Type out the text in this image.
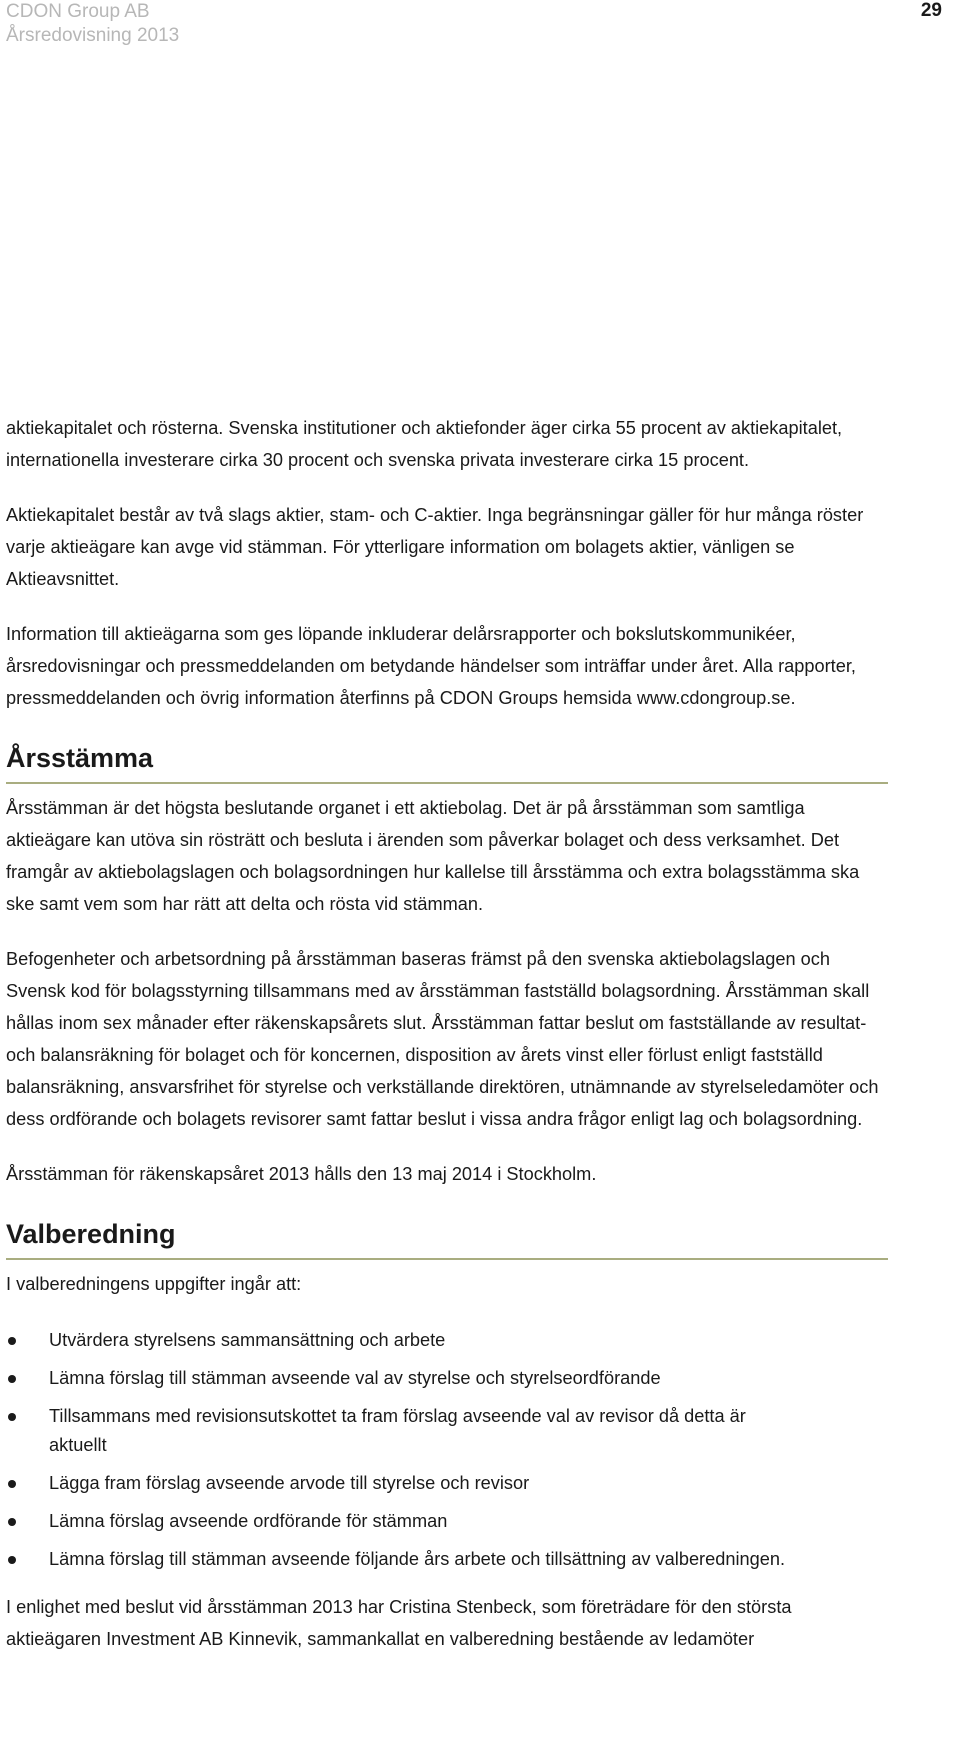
CDON Group AB
Årsredovisning 2013
29

aktiekapitalet och rösterna. Svenska institutioner och aktiefonder äger cirka 55 procent av aktiekapitalet, internationella investerare cirka 30 procent och svenska privata investerare cirka 15 procent.

Aktiekapitalet består av två slags aktier, stam- och C-aktier. Inga begränsningar gäller för hur många röster varje aktieägare kan avge vid stämman. För ytterligare information om bolagets aktier, vänligen se Aktieavsnittet.

Information till aktieägarna som ges löpande inkluderar delårsrapporter och bokslutskommunikéer, årsredovisningar och pressmeddelanden om betydande händelser som inträffar under året. Alla rapporter, pressmeddelanden och övrig information återfinns på CDON Groups hemsida www.cdongroup.se.

Årsstämma

Årsstämman är det högsta beslutande organet i ett aktiebolag. Det är på årsstämman som samtliga aktieägare kan utöva sin rösträtt och besluta i ärenden som påverkar bolaget och dess verksamhet. Det framgår av aktiebolagslagen och bolagsordningen hur kallelse till årsstämma och extra bolagsstämma ska ske samt vem som har rätt att delta och rösta vid stämman.

Befogenheter och arbetsordning på årsstämman baseras främst på den svenska aktiebolagslagen och Svensk kod för bolagsstyrning tillsammans med av årsstämman fastställd bolagsordning. Årsstämman skall hållas inom sex månader efter räkenskapsårets slut. Årsstämman fattar beslut om fastställande av resultat- och balansräkning för bolaget och för koncernen, disposition av årets vinst eller förlust enligt fastställd balansräkning, ansvarsfrihet för styrelse och verkställande direktören, utnämnande av styrelseledamöter och dess ordförande och bolagets revisorer samt fattar beslut i vissa andra frågor enligt lag och bolagsordning.

Årsstämman för räkenskapsåret 2013 hålls den 13 maj 2014 i Stockholm.

Valberedning

I valberedningens uppgifter ingår att:

Utvärdera styrelsens sammansättning och arbete
Lämna förslag till stämman avseende val av styrelse och styrelseordförande
Tillsammans med revisionsutskottet ta fram förslag avseende val av revisor då detta är aktuellt
Lägga fram förslag avseende arvode till styrelse och revisor
Lämna förslag avseende ordförande för stämman
Lämna förslag till stämman avseende följande års arbete och tillsättning av valberedningen.

I enlighet med beslut vid årsstämman 2013 har Cristina Stenbeck, som företrädare för den största aktieägaren Investment AB Kinnevik, sammankallat en valberedning bestående av ledamöter
